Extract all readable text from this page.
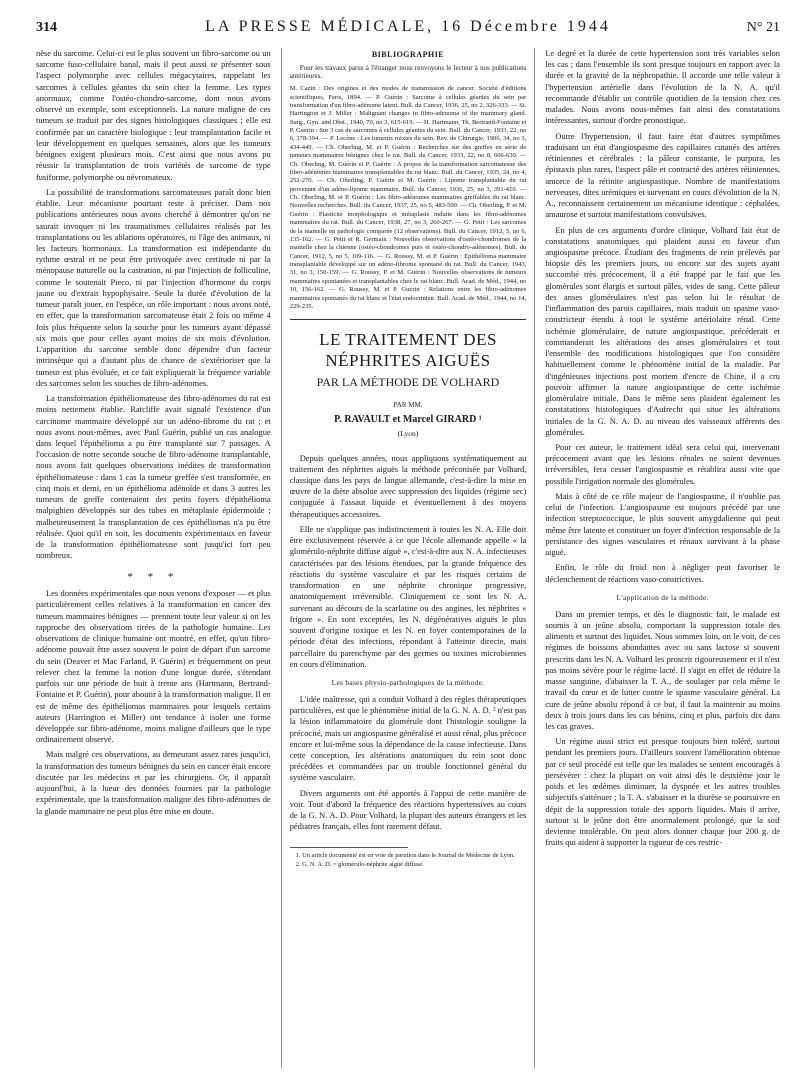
314	LA PRESSE MÉDICALE, 16 Décembre 1944	N° 21

nèse du sarcome. Celui-ci est le plus souvent un fibro-sarcome ou un sarcome fuso-cellulaire banal, mais il peut aussi se présenter sous l'aspect polymorphe avec cellules mégacytaires, rappelant les sarcomes à cellules géantes du sein chez la femme. Les types anormaux, comme l'ostéo-chondro-sarcome, dont nous avons observé un exemple, sont exceptionnels. La nature maligne de ces tumeurs se traduit par des signes histologiques classiques ; elle est confirmée par un caractère biologique : leur transplantation facile et leur développement en quelques semaines, alors que les tumeurs bénignes exigent plusieurs mois. C'est ainsi que nous avons pu réussir la transplantation de trois variétés de sarcome de type fusiforme, polymorphe ou névromateux.

La possibilité de transformations sarcomateuses paraît donc bien établie. Leur mécanisme pourtant reste à préciser. Dans nos publications antérieures nous avons cherché à démontrer qu'on ne saurait invoquer ni les traumatismes cellulaires réalisés par les transplantations ou les ablations opératoires, ni l'âge des animaux, ni les facteurs hormonaux. La transformation est indépendante du rythme œstral et ne peut être provoquée avec certitude ni par la ménopause naturelle ou la castration, ni par l'injection de folliculine, comme le soutenait Pieco, ni par l'injection d'hormone du corps jaune ou d'extrait hypophysaire. Seule la durée d'évolution de la tumeur paraît jouer, en l'espèce, un rôle important : nous avons noté, en effet, que la transformation sarcomateuse était 2 fois ou même 4 fois plus fréquente selon la souche pour les tumeurs ayant dépassé six mois que pour celles ayant moins de six mois d'évolution. L'apparition du sarcome semble donc dépendre d'un facteur intrinsèque qui a d'autant plus de chance de s'extérioriser que la tumeur est plus évoluée, et ce fait expliquerait la fréquence variable des sarcomes selon les souches de fibro-adénomes.

La transformation épithéliomateuse des fibro-adénomes du rat est moins nettement établie. Ratcliffe avait signalé l'existence d'un carcinome mammaire développé sur un adéno-fibrome du rat ; et nous avons nous-mêmes, avec Paul Guérin, publié un cas analogue dans lequel l'épithélioma a pu être transplanté sur 7 passages. A l'occasion de notre seconde souche de fibro-adénome transplantable, nous avons fait quelques observations inédites de transformation épithéliomateuse : dans 1 cas la tumeur greffée s'est transformée, en cinq mois et demi, en un épithélioma adénoïde et dans 3 autres les tumeurs de greffe contenaient des petits foyers d'épithélioma malpighien développés sur des tubes en métaplasie épidermoïde ; malheureusement la transplantation de ces épithéliomas n'a pu être réalisée. Quoi qu'il en soit, les documents expérimentaux en faveur de la transformation épithéliomateuse sont jusqu'ici fort peu nombreux.

* * *

Les données expérimentales que nous venons d'exposer — et plus particulièrement celles relatives à la transformation en cancer des tumeurs mammaires bénignes — prennent toute leur valeur si on les rapproche des observations tirées de la pathologie humaine. Les observations de clinique humaine ont montré, en effet, qu'un fibro-adénome pouvait être assez souvent le point de départ d'un sarcome du sein (Deaver et Mac Farland, P. Guérin) et fréquemment on peut relever chez la femme la notion d'une longue durée, s'étendant parfois sur une période de huit à trente ans (Hartmann, Bertrand-Fontaine et P. Guérin), pour aboutir à la transformation maligne. Il en est de même des épithéliomas mammaires pour lesquels certains auteurs (Harrington et Miller) ont tendance à isoler une forme développée sur fibro-adénome, moins maligne d'ailleurs que le type ordinairement observé.

Mais malgré ces observations, au demeurant assez rares jusqu'ici, la transformation des tumeurs bénignes du sein en cancer était encore discutée par les médecins et par les chirurgiens. Or, il apparaît aujourd'hui, à la lueur des données fournies par la pathologie expérimentale, que la transformation maligne des fibro-adénomes de la glande mammaire ne peut plus être mise en doute.

BIBLIOGRAPHIE

Pour les travaux parus à l'étranger nous renvoyons le lecteur à nos publications antérieures.

M. Cazin : Des origines et des modes de transmission de cancer. Société d'éditions scientifiques, Paris, 1894. — P. Guérin : Sarcome à cellules géantes du sein par transformation d'un fibro-adénome latent. Bull. du Cancer, 1936, 25, no 2, 326-333. — St. Harrington et J. Miller : Malignant changes in fibro-adenoma of the mammary gland. Surg., Gyn. and Obst., 1940, 70, no 3, 615-619. — H. Hartmann, Th. Bertrand-Fontaine et P. Guérin : Sur 3 cas de sarcomes à cellules géantes du sein. Bull. du Cancer, 1933, 22, no 6, 378-394. — P. Lecène : Les tumeurs mixtes du sein. Rev. de Chirurgie, 1906, 34, no 3, 434-449. — Ch. Oberling, M. et P. Guérin : Recherches sur des greffes en série de tumeurs mammaires bénignes chez le rat. Bull. du Cancer, 1933, 22, no 8, 606-630. — Ch. Oberling, M. Guérin et P. Guérin : A propos de la transformation sarcomateuse des fibro-adénomes mammaires transplantables du rat blanc. Bull. du Cancer, 1935, 24, no 4, 252-270. — Ch. Oberling, P. Guérin et M. Guérin : Lipome transplantable du rat provenant d'un adéno-lipome mammaire. Bull. du Cancer, 1936, 25, no 3, 391-410. — Ch. Oberling, M. et P. Guérin : Les fibro-adénomes mammaires greffables du rat blanc. Nouvelles recherches. Bull. du Cancer, 1937, 25, no 5, 483-500. — Ch. Oberling, P. et M. Guérin : Plasticité morphologique et métaplasie induite dans les fibro-adénomes mammaires du rat. Bull. du Cancer, 1938, 27, no 3, 260-267. — G. Petit : Les sarcomes de la mamelle en pathologie comparée (12 observations). Bull. du Cancer, 1912, 5, no 6, 135-162. — G. Petit et R. Germain : Nouvelles observations d'ostéo-chondromes de la mamelle chez la chienne (ostéo-chondromes purs et ostéo-chondro-adénomes). Bull. du Cancer, 1912, 5, no 5, 109-116. — G. Roussy, M. et P. Guérin : Epithélioma mammaire transplantable développé sur un adéno-fibrome spontané du rat. Bull. du Cancer, 1943, 31, no 3, 150-159. — G. Roussy, P. et M. Guérin : Nouvelles observations de tumeurs mammaires spontanées et transplantables chez le rat blanc. Bull. Acad. de Méd., 1944, no 10, 156-162. — G. Roussy, M. et P. Guérin : Relations entre les fibro-adénomes mammaires spontanés du rat blanc et l'état endocrinien. Bull. Acad. de Méd., 1944, no 14, 229-235.

LE TRAITEMENT DES NÉPHRITES AIGUËS
PAR LA MÉTHODE DE VOLHARD
PAR MM.
P. RAVAULT et Marcel GIRARD ¹
(Lyon)

Depuis quelques années, nous appliquons systématiquement au traitement des néphrites aiguës la méthode préconisée par Volhard, classique dans les pays de langue allemande, c'est-à-dire la mise en œuvre de la diète absolue avec suppression des liquides (régime sec) conjuguée à l'assaut liquide et éventuellement à des moyens thérapeutiques accessoires.

Elle ne s'applique pas indistinctement à toutes les N. A. Elle doit être exclusivement réservée à ce que l'école allemande appelle « la glomérulo-néphrite diffuse aiguë », c'est-à-dire aux N. A. infectieuses caractérisées par des lésions étendues, par la grande fréquence des réactions du système vasculaire et par les risques certains de transformation en une néphrite chronique progressive, anatomiquement irréversible. Cliniquement ce sont les N. A. survenant au décours de la scarlatine ou des angines, les néphrites « frigore ». En sont exceptées, les N. dégénératives aiguës le plus souvent d'origine toxique et les N. en foyer contemporaines de la période d'état des infections, répondant à l'atteinte directe, mais parcellaire du parenchyme par des germes ou toxines microbiennes en cours d'élimination.

Les bases physio-pathologiques de la méthode.

L'idée maîtresse, qui a conduit Volhard à des règles thérapeutiques particulières, est que le phénomène initial de la G. N. A. D. ² n'est pas la lésion inflammatoire du glomérule dont l'histologie souligne la précocité, mais un angiospasme généralisé et aussi rénal, plus précoce encore et lui-même sous la dépendance de la cause infectieuse. Dans cette conception, les altérations anatomiques du rein sont donc précédées et commandées par un trouble fonctionnel général du système vasculaire.

Divers arguments ont été apportés à l'appui de cette manière de voir. Tout d'abord la fréquence des réactions hypertensives au cours de la G. N. A. D. Pour Volhard, la plupart des auteurs étrangers et les pédiatres français, elles font rarement défaut.

1. Un article documenté est en voie de parution dans le Journal de Médecine de Lyon.

2. G. N. A. D. = glomérulo-néphrite aiguë diffuse.

Le degré et la durée de cette hypertension sont très variables selon les cas ; dans l'ensemble ils sont presque toujours en rapport avec la durée et la gravité de la néphropathie. Il accorde une telle valeur à l'hypertension artérielle dans l'évolution de la N. A. qu'il recommande d'établir un contrôle quotidien de la tension chez ces malades. Nous avons nous-mêmes fait ainsi des constatations intéressantes, surtout d'ordre pronostique.

Outre l'hypertension, il faut faire état d'autres symptômes traduisant un état d'angiospasme des capillaires cutanés des artères rétiniennes et cérébrales : la pâleur constante, le purpura, les épistaxis plus rares, l'aspect pâle et contracté des artères rétiniennes, amorce de la rétinite angiospastique. Nombre de manifestations nerveuses, dites urémiques et survenant en cours d'évolution de la N. A., reconnaissent certainement un mécanisme identique : céphalées, amaurose et surtout manifestations convulsives.

En plus de ces arguments d'ordre clinique, Volhard fait état de constatations anatomiques qui plaident aussi en faveur d'un angiospasme précoce. Étudiant des fragments de rein prélevés par biopsie dès les premiers jours, ou encore sur des sujets ayant succombé très précocement, il a été frappé par le fait que les glomérules sont élargis et surtout pâles, vides de sang. Cette pâleur des anses glomérulaires n'est pas selon lui le résultat de l'inflammation des parois capillaires, mais traduit un spasme vaso-constricteur étendu à tout le système artériolaire rénal. Cette ischémie glomérulaire, de nature angiospastique, précéderait et commanderait les altérations des anses glomérulaires et tout l'ensemble des modifications histologiques que l'on considère habituellement comme le phénomène initial de la maladie. Par d'ingénieuses injections post mortem d'encre de Chine, il a cru pouvoir affirmer la nature angiospastique de cette ischémie glomérulaire initiale. Dans le même sens plaident également les constatations histologiques d'Aufrecht qui situe les altérations initiales de la G. N. A. D. au niveau des vaisseaux afférents des glomérules.

Pour cet auteur, le traitement idéal sera celui qui, intervenant précocement avant que les lésions rénales ne soient devenues irréversibles, fera cesser l'angiospasme et rétablira aussi vite que possible l'irrigation normale des glomérules.

Mais à côté de ce rôle majeur de l'angiospasme, il n'oublie pas celui de l'infection. L'angiospasme est toujours précédé par une infection streptococcique, le plus souvent amygdalienne qui peut même être latente et constituer un foyer d'infection responsable de la persistance des signes vasculaires et rénaux survivant à la phase aiguë.

Enfin, le rôle du froid non à négliger peut favoriser le déclenchement de réactions vaso-constrictives.

L'application de la méthode.

Dans un premier temps, et dès le diagnostic fait, le malade est soumis à un jeûne absolu, comportant la suppression totale des aliments et surtout des liquides. Nous sommes loin, on le voit, de ces régimes de boissons abondantes avec ou sans lactose si souvent prescrits dans les N. A. Volhard les proscrit rigoureusement et il n'est pas moins sévère pour le régime lacté. Il s'agit en effet de réduire la masse sanguine, d'abaisser la T. A., de soulager par cela même le travail du cœur et de lutter contre le spasme vasculaire général. La cure de jeûne absolu répond à ce but, il faut la maintenir au moins deux à trois jours dans les cas bénins, cinq et plus, parfois dix dans les cas graves.

Un régime aussi strict est presque toujours bien toléré, surtout pendant les premiers jours. D'ailleurs souvent l'amélioration obtenue par ce seul procédé est telle que les malades se sentent encouragés à persévérer : chez la plupart on voit ainsi dès le deuxième jour le poids et les œdèmes diminuer, la dyspnée et les autres troubles subjectifs s'atténuer ; la T. A. s'abaisser et la diurèse se poursuivre en dépit de la suppression totale des apports liquides. Mais il arrive, surtout si le jeûne doit être anormalement prolongé, que la soif devienne intolérable. On peut alors donner chaque jour 200 g. de fruits qui aident à supporter la rigueur de ces restric-
